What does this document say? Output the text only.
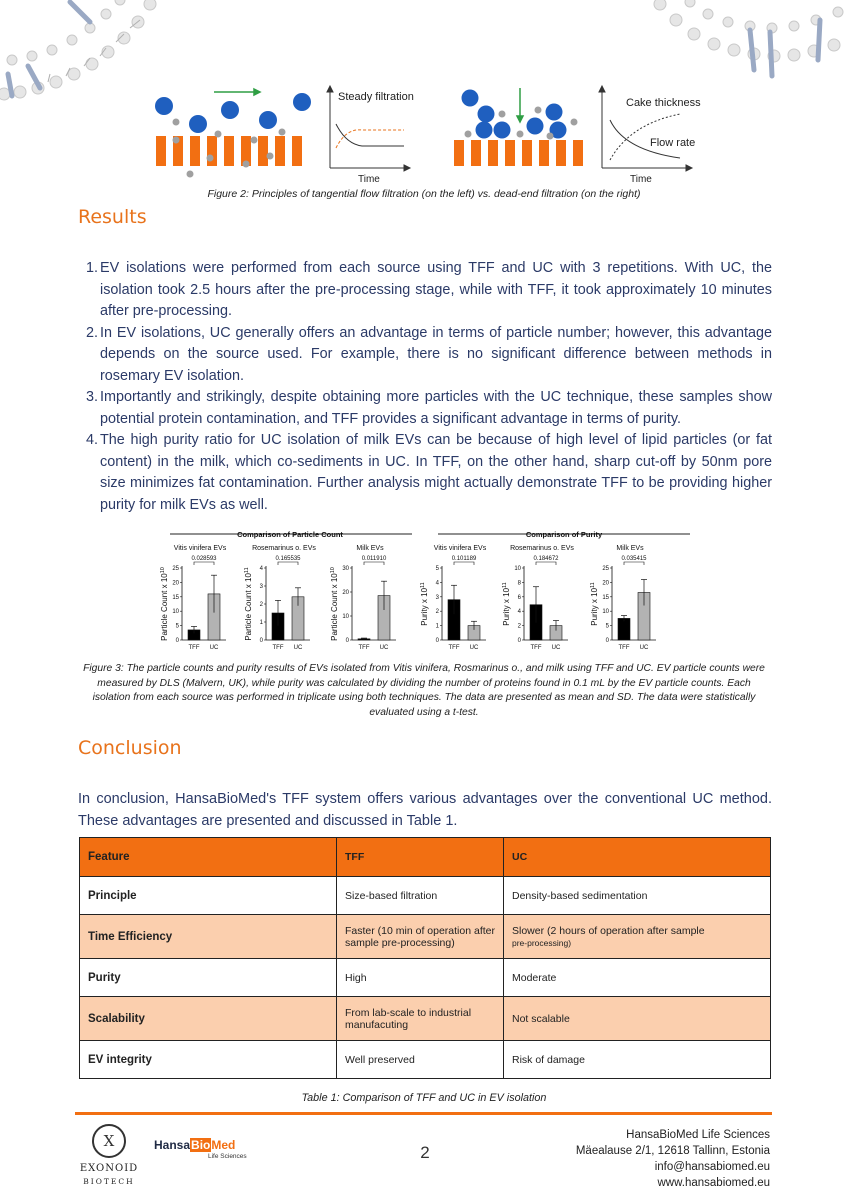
Steady filtration
Time
Cake thickness
Flow rate
Time
Figure 2: Principles of tangential flow filtration (on the left) vs. dead-end filtration (on the right)
Results
1. EV isolations were performed from each source using TFF and UC with 3 repetitions. With UC, the isolation took 2.5 hours after the pre-processing stage, while with TFF, it took approximately 10 minutes after pre-processing.
2. In EV isolations, UC generally offers an advantage in terms of particle number; however, this advantage depends on the source used. For example, there is no significant difference between methods in rosemary EV isolation.
3. Importantly and strikingly, despite obtaining more particles with the UC technique, these samples show potential protein contamination, and TFF provides a significant advantage in terms of purity.
4. The high purity ratio for UC isolation of milk EVs can be because of high level of lipid particles (or fat content) in the milk, which co-sediments in UC. In TFF, on the other hand, sharp cut-off by 50nm pore size minimizes fat contamination. Further analysis might actually demonstrate TFF to be providing higher purity for milk EVs as well.
Comparison of Particle Count	Comparison of Purity
Vitis vinifera EVs
0
5
10
15
20
25
Particle Count x $10^{10}$
TFF UC
0.028593
Rosemarinus o. EVs
0
1
2
3
4
Particle Count x $10^{11}$
TFF UC
0.165535
Milk EVs
0
10
20
30
Particle Count x $10^{10}$
TFF UC
0.011910
Vitis vinifera EVs
0
1
2
3
4
5
Purity x $10^{11}$
TFF UC
0.101189
Rosemarinus o. EVs
0
2
4
6
8
10
Purity x $10^{11}$
TFF UC
0.184672
Milk EVs
0
5
10
15
20
25
Purity x $10^{11}$
TFF UC
0.035415
Figure 3: The particle counts and purity results of EVs isolated from Vitis vinifera, Rosmarinus o., and milk using TFF and UC. EV particle counts were measured by DLS (Malvern, UK), while purity was calculated by dividing the number of proteins found in 0.1 mL by the EV particle counts. Each isolation from each source was performed in triplicate using both techniques. The data are presented as mean and SD. The data were statistically evaluated using a t-test.
Conclusion
In conclusion, HansaBioMed's TFF system offers various advantages over the conventional UC method. These advantages are presented and discussed in Table 1.
Feature	TFF	UC
Principle	Size-based filtration	Density-based sedimentation
Time Efficiency	Faster (10 min of operation after sample pre-processing)	Slower (2 hours of operation after sample
pre-processing)
Purity	High	Moderate
Scalability	From lab-scale to industrial manufacuting	Not scalable
EV integrity	Well preserved	Risk of damage
Table 1: Comparison of TFF and UC in EV isolation
X
EXONOID
BIOTECH
HansaBioMed
Life Sciences	2
HansaBioMed Life Sciences
Mäealause 2/1, 12618 Tallinn, Estonia
info@hansabiomed.eu
www.hansabiomed.eu
